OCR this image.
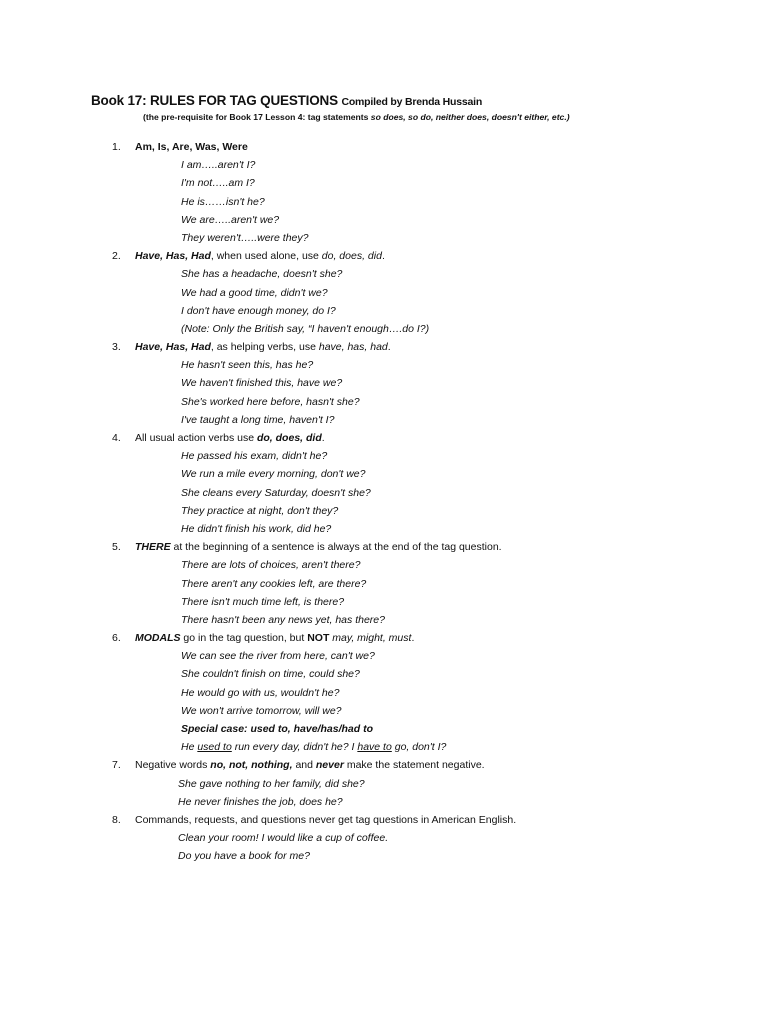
Book 17: RULES FOR TAG QUESTIONS Compiled by Brenda Hussain
(the pre-requisite for Book 17 Lesson 4: tag statements so does, so do, neither does, doesn't either, etc.)
1. Am, Is, Are, Was, Were
I am…..aren't I?
I'm not…..am I?
He is……isn't he?
We are…..aren't we?
They weren't…..were they?
2. Have, Has, Had, when used alone, use do, does, did.
She has a headache, doesn't she?
We had a good time, didn't we?
I don't have enough money, do I?
(Note: Only the British say, “I haven't enough….do I?)
3. Have, Has, Had, as helping verbs, use have, has, had.
He hasn't seen this, has he?
We haven't finished this, have we?
She's worked here before, hasn't she?
I've taught a long time, haven't I?
4. All usual action verbs use do, does, did.
He passed his exam, didn't he?
We run a mile every morning, don't we?
She cleans every Saturday, doesn't she?
They practice at night, don't they?
He didn't finish his work, did he?
5. THERE at the beginning of a sentence is always at the end of the tag question.
There are lots of choices, aren't there?
There aren't any cookies left, are there?
There isn't much time left, is there?
There hasn't been any news yet, has there?
6. MODALS go in the tag question, but NOT may, might, must.
We can see the river from here, can't we?
She couldn't finish on time, could she?
He would go with us, wouldn't he?
We won't arrive tomorrow, will we?
Special case: used to, have/has/had to
He used to run every day, didn't he? I have to go, don't I?
7. Negative words no, not, nothing, and never make the statement negative.
She gave nothing to her family, did she?
He never finishes the job, does he?
8. Commands, requests, and questions never get tag questions in American English.
Clean your room! I would like a cup of coffee.
Do you have a book for me?
